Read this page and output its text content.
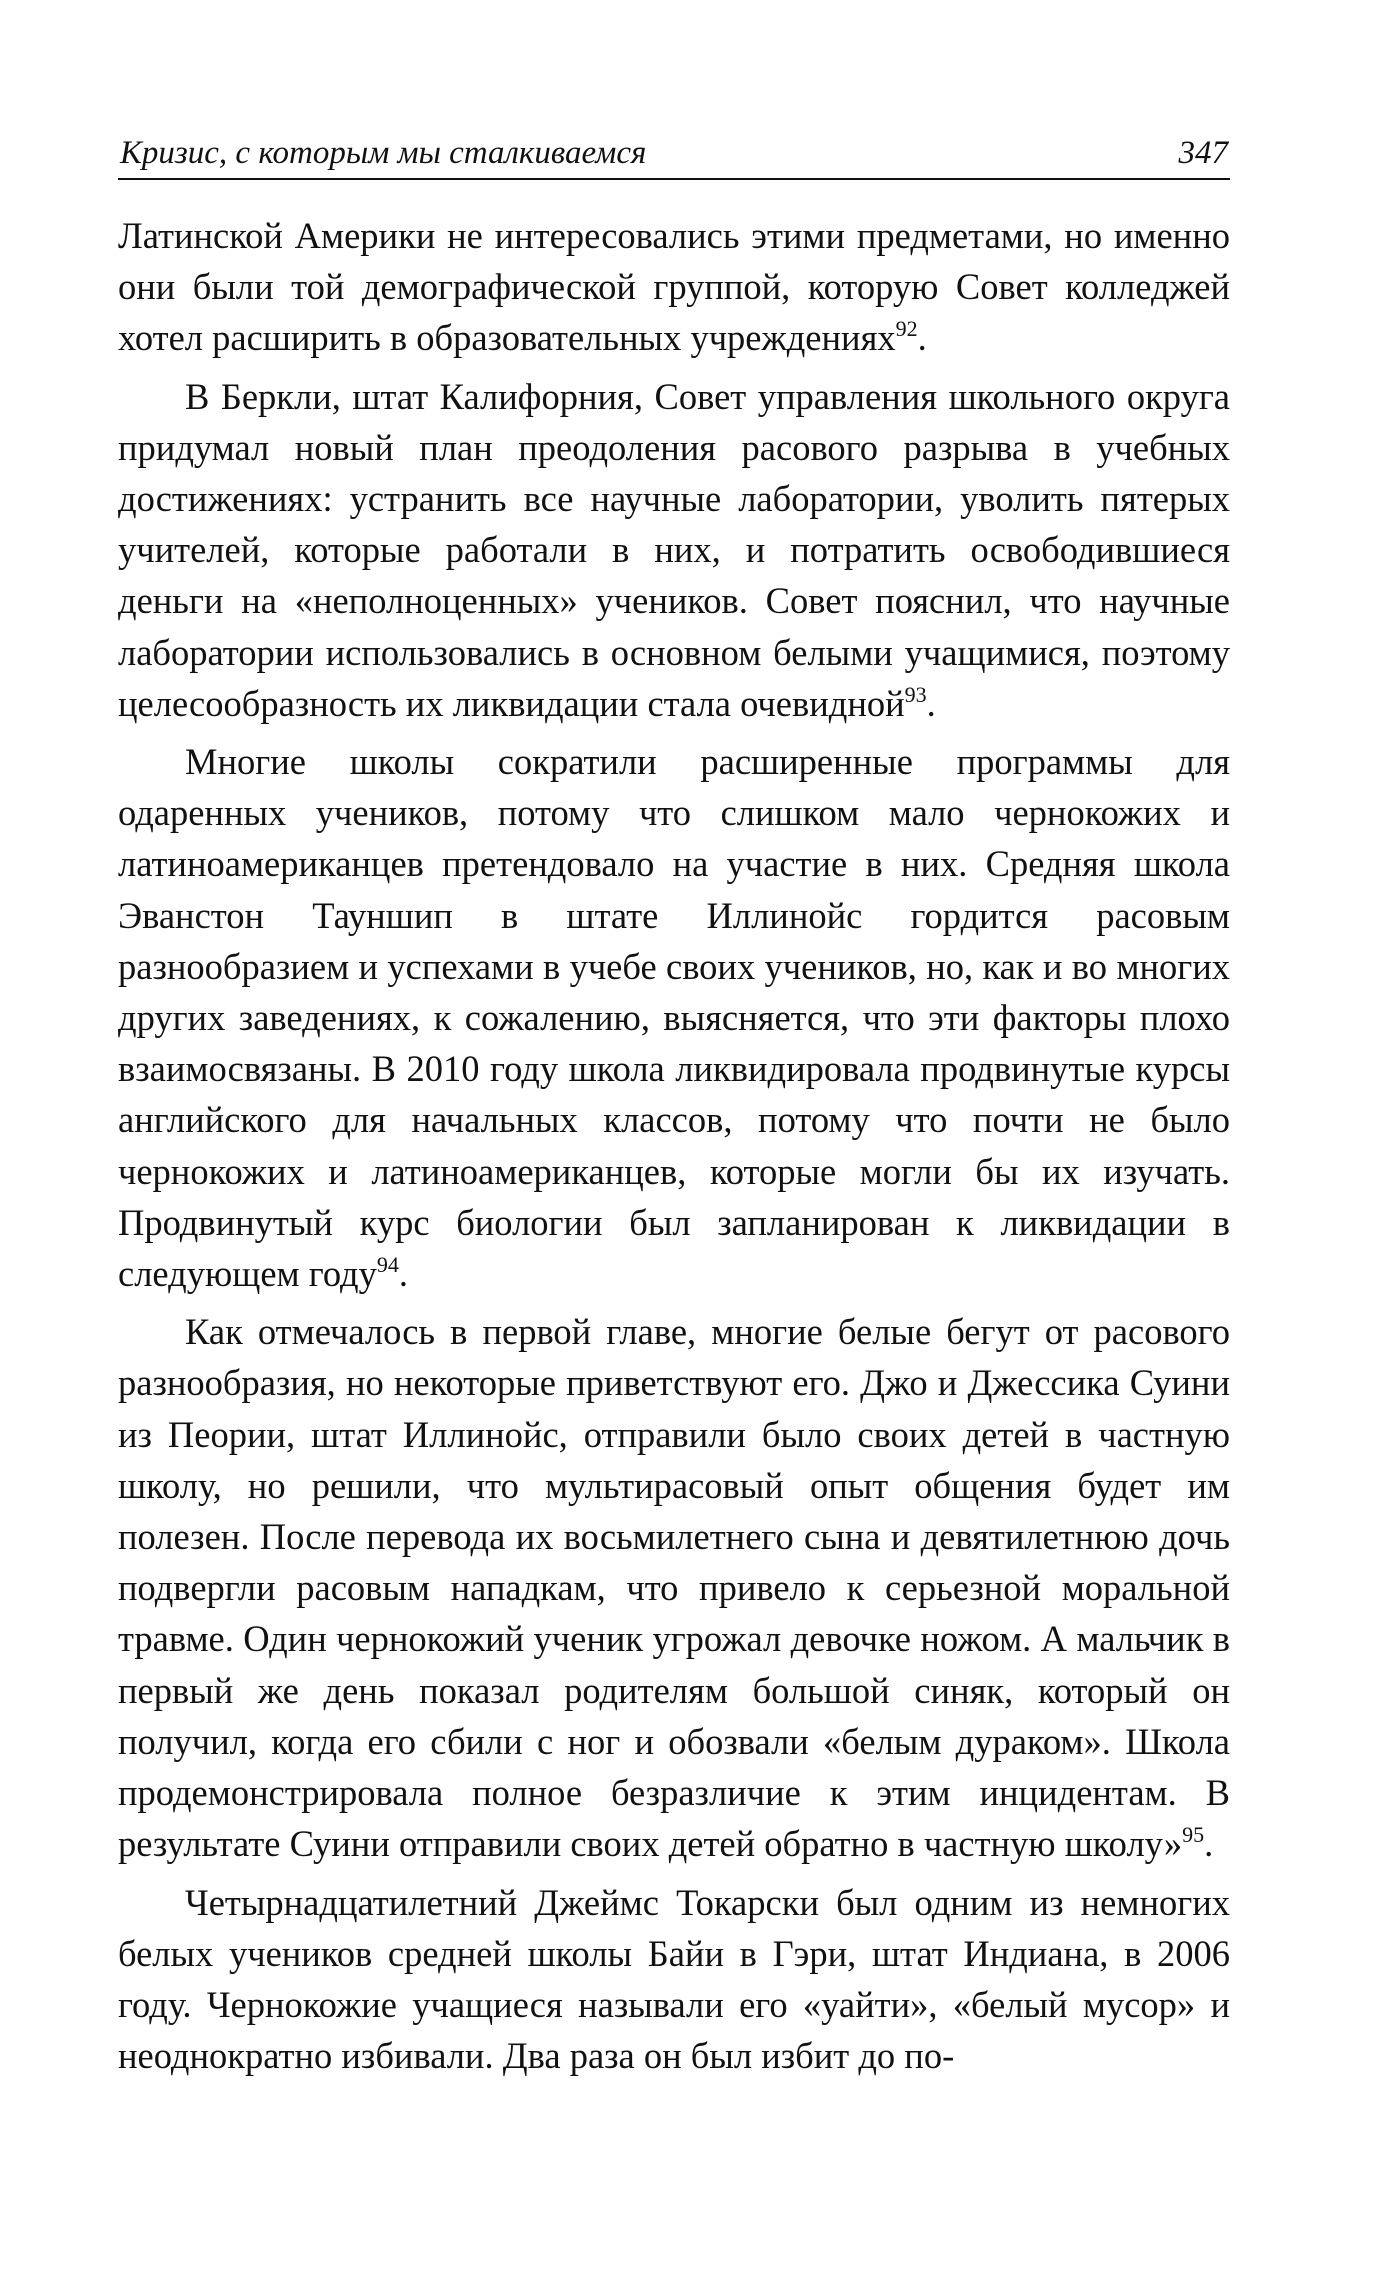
Кризис, с которым мы сталкиваемся	347

Латинской Америки не интересовались этими предметами, но именно они были той демографической группой, которую Совет колледжей хотел расширить в образовательных учреждениях$^{92}$.

В Беркли, штат Калифорния, Совет управления школьного округа придумал новый план преодоления расового разрыва в учебных достижениях: устранить все научные лаборатории, уволить пятерых учителей, которые работали в них, и потратить освободившиеся деньги на «неполноценных» учеников. Совет пояснил, что научные лаборатории использовались в основном белыми учащимися, поэтому целесообразность их ликвидации стала очевидной$^{93}$.

Многие школы сократили расширенные программы для одаренных учеников, потому что слишком мало чернокожих и латиноамериканцев претендовало на участие в них. Средняя школа Эванстон Тауншип в штате Иллинойс гордится расовым разнообразием и успехами в учебе своих учеников, но, как и во многих других заведениях, к сожалению, выясняется, что эти факторы плохо взаимосвязаны. В 2010 году школа ликвидировала продвинутые курсы английского для начальных классов, потому что почти не было чернокожих и латиноамериканцев, которые могли бы их изучать. Продвинутый курс биологии был запланирован к ликвидации в следующем году$^{94}$.

Как отмечалось в первой главе, многие белые бегут от расового разнообразия, но некоторые приветствуют его. Джо и Джессика Суини из Пеории, штат Иллинойс, отправили было своих детей в частную школу, но решили, что мультирасовый опыт общения будет им полезен. После перевода их восьмилетнего сына и девятилетнюю дочь подвергли расовым нападкам, что привело к серьезной моральной травме. Один чернокожий ученик угрожал девочке ножом. А мальчик в первый же день показал родителям большой синяк, который он получил, когда его сбили с ног и обозвали «белым дураком». Школа продемонстрировала полное безразличие к этим инцидентам. В результате Суини отправили своих детей обратно в частную школу»$^{95}$.

Четырнадцатилетний Джеймс Токарски был одним из немногих белых учеников средней школы Байи в Гэри, штат Индиана, в 2006 году. Чернокожие учащиеся называли его «уайти», «белый мусор» и неоднократно избивали. Два раза он был избит до по-
